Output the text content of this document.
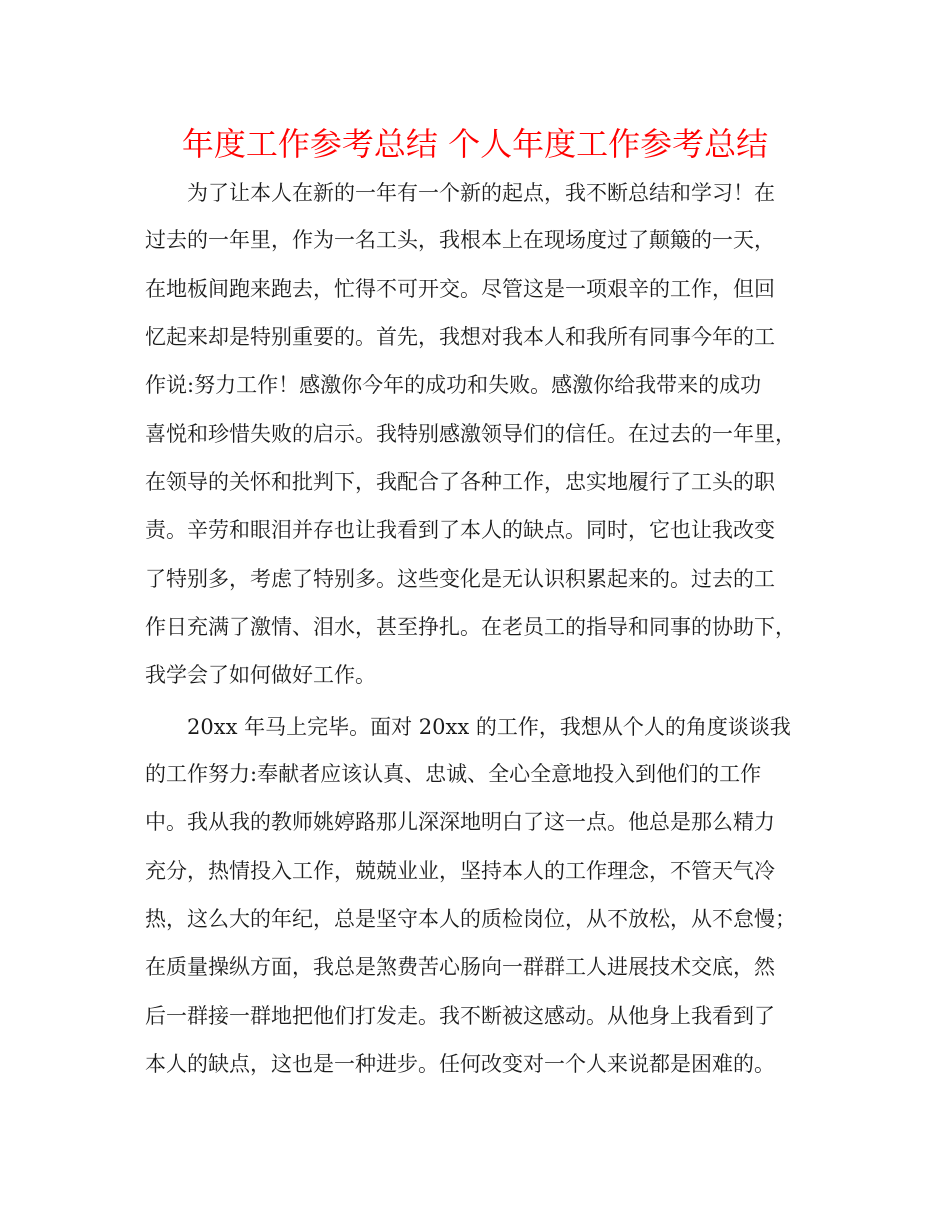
年度工作参考总结 个人年度工作参考总结
为了让本人在新的一年有一个新的起点，我不断总结和学习！在
过去的一年里，作为一名工头，我根本上在现场度过了颠簸的一天，
在地板间跑来跑去，忙得不可开交。尽管这是一项艰辛的工作，但回
忆起来却是特别重要的。首先，我想对我本人和我所有同事今年的工
作说:努力工作！感激你今年的成功和失败。感激你给我带来的成功
喜悦和珍惜失败的启示。我特别感激领导们的信任。在过去的一年里，
在领导的关怀和批判下，我配合了各种工作，忠实地履行了工头的职
责。辛劳和眼泪并存也让我看到了本人的缺点。同时，它也让我改变
了特别多，考虑了特别多。这些变化是无认识积累起来的。过去的工
作日充满了激情、泪水，甚至挣扎。在老员工的指导和同事的协助下，
我学会了如何做好工作。
20xx 年马上完毕。面对 20xx 的工作，我想从个人的角度谈谈我
的工作努力:奉献者应该认真、忠诚、全心全意地投入到他们的工作
中。我从我的教师姚婷路那儿深深地明白了这一点。他总是那么精力
充分，热情投入工作，兢兢业业，坚持本人的工作理念，不管天气冷
热，这么大的年纪，总是坚守本人的质检岗位，从不放松，从不怠慢；
在质量操纵方面，我总是煞费苦心肠向一群群工人进展技术交底，然
后一群接一群地把他们打发走。我不断被这感动。从他身上我看到了
本人的缺点，这也是一种进步。任何改变对一个人来说都是困难的。
